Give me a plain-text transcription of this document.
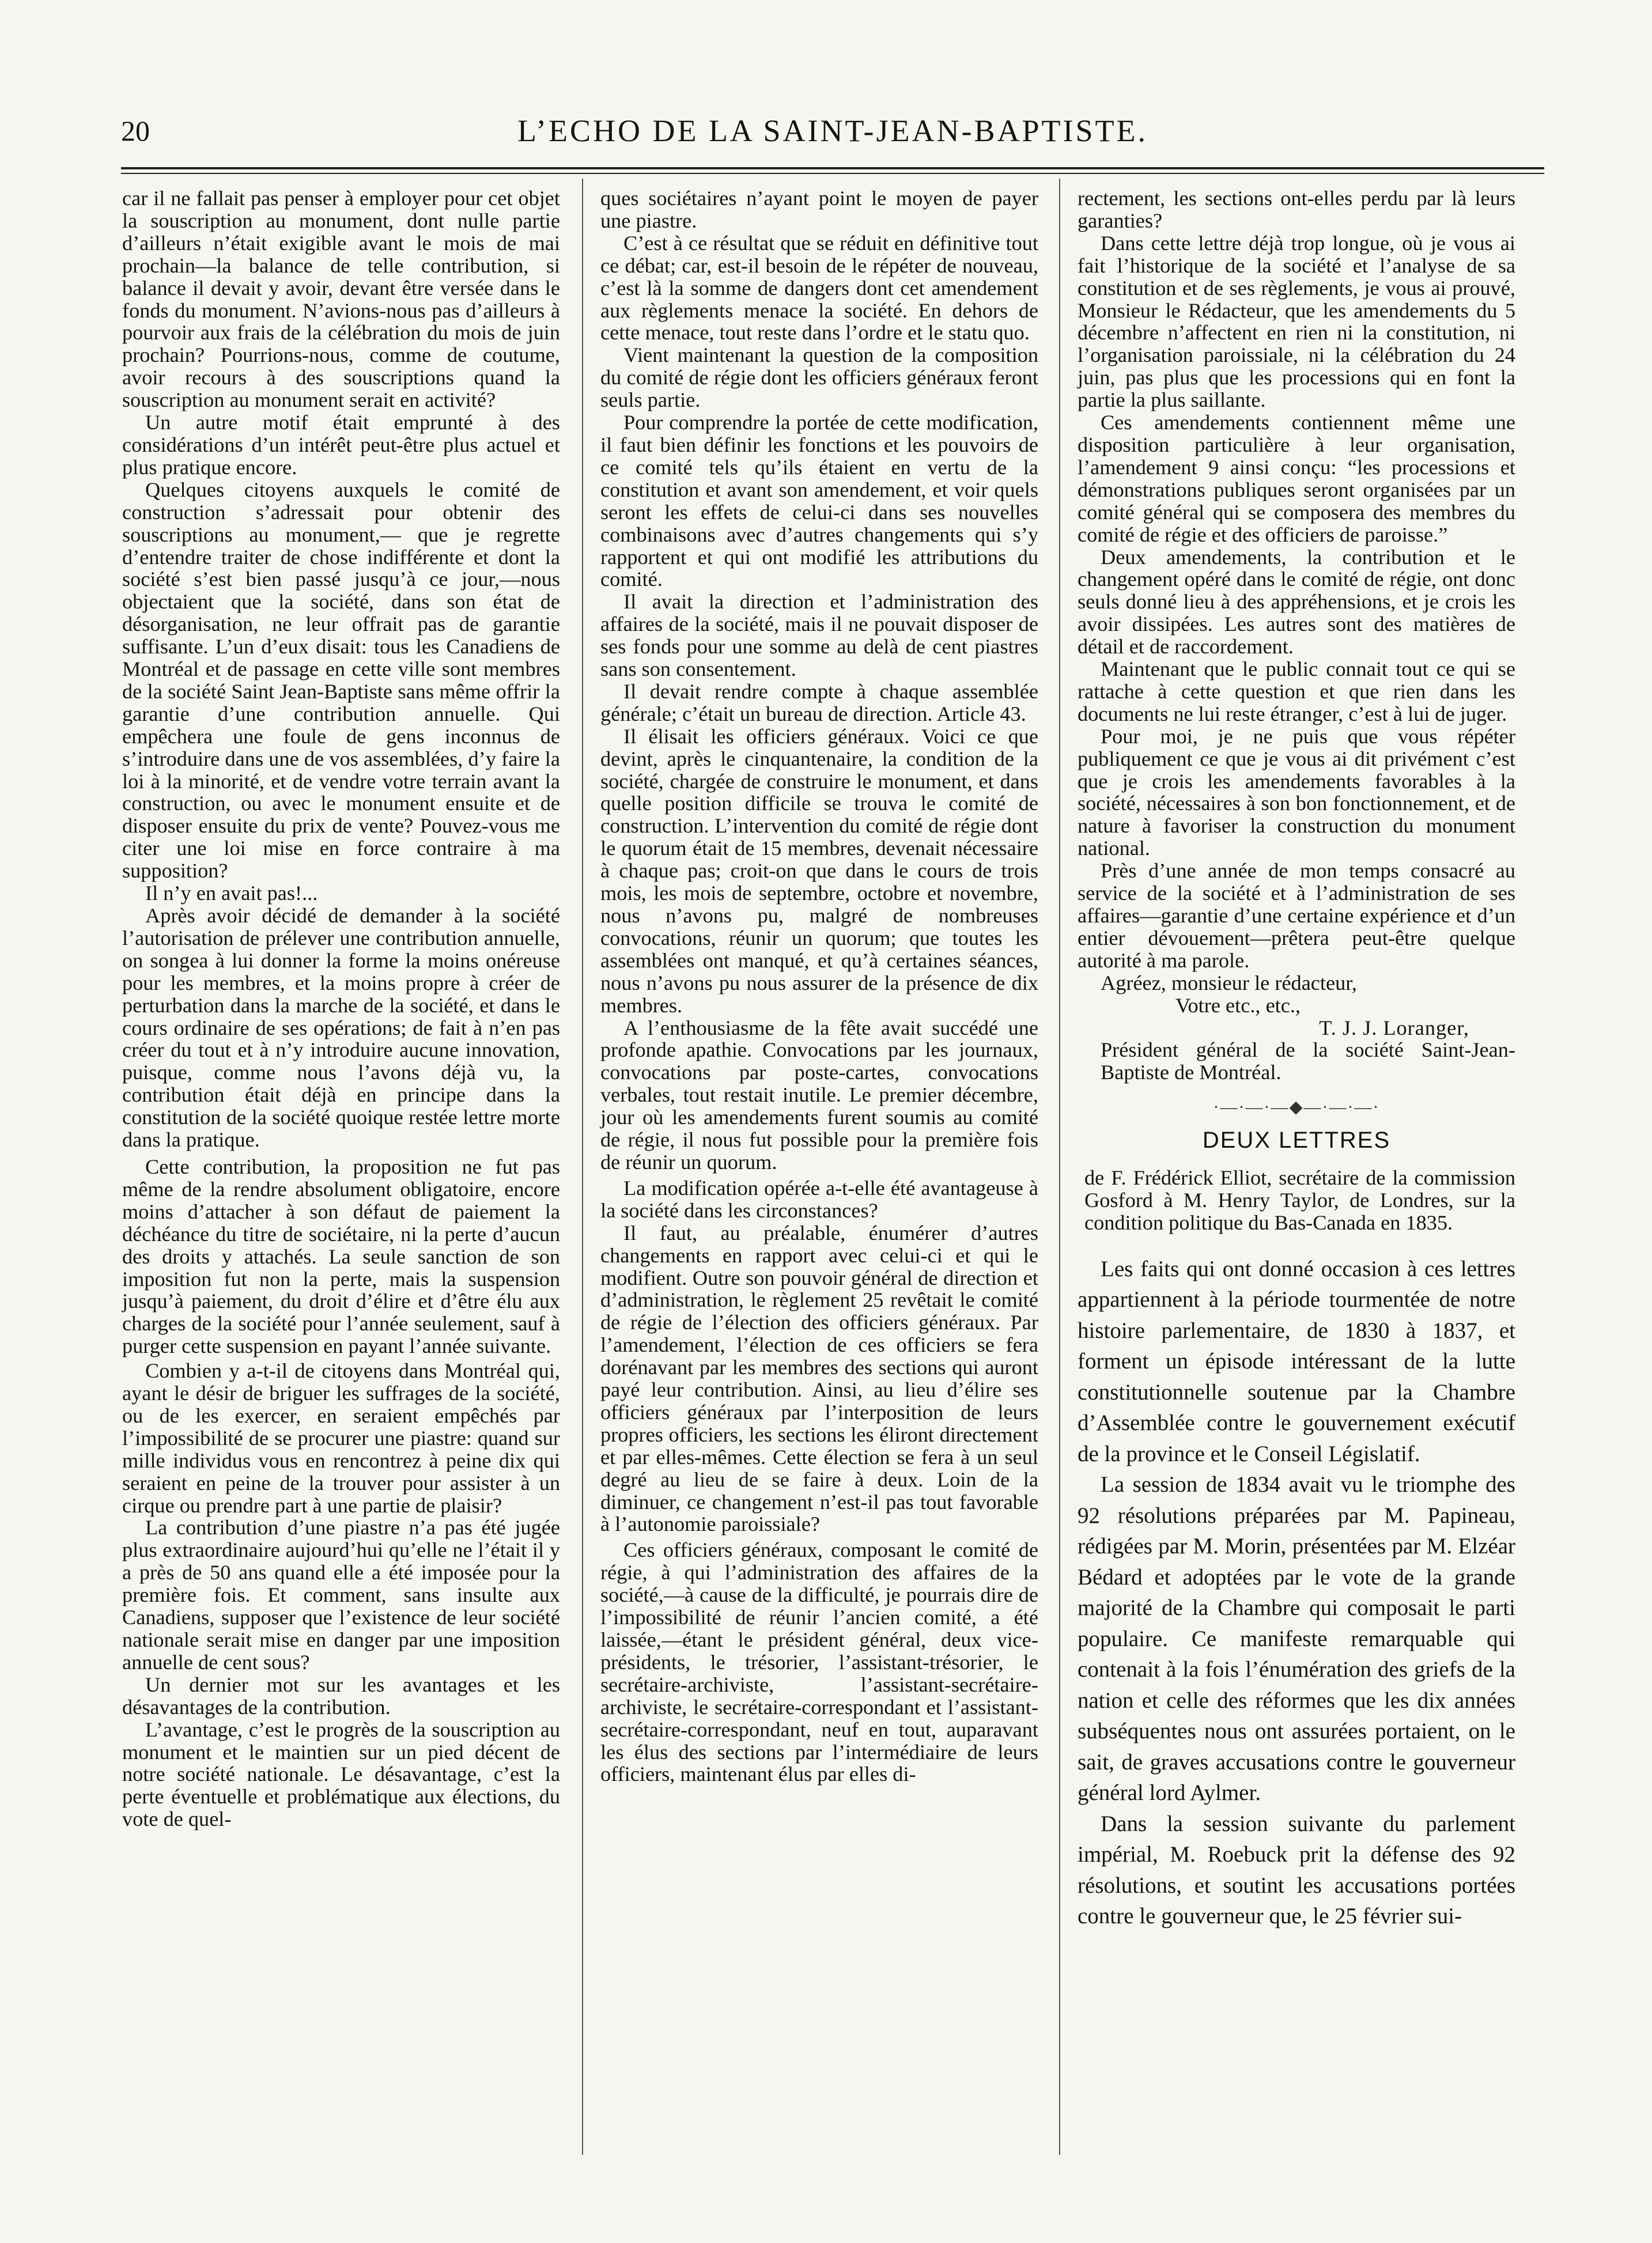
20	L’ECHO DE LA SAINT-JEAN-BAPTISTE.

car il ne fallait pas penser à employer pour cet objet la souscription au monument, dont nulle partie d’ailleurs n’était exigible avant le mois de mai prochain—la balance de telle contribution, si balance il devait y avoir, devant être versée dans le fonds du monument. N’avions-nous pas d’ailleurs à pourvoir aux frais de la célébration du mois de juin prochain? Pourrions-nous, comme de coutume, avoir recours à des souscriptions quand la souscription au monument serait en activité?

Un autre motif était emprunté à des considérations d’un intérêt peut-être plus actuel et plus pratique encore.

Quelques citoyens auxquels le comité de construction s’adressait pour obtenir des souscriptions au monument,— que je regrette d’entendre traiter de chose indifférente et dont la société s’est bien passé jusqu’à ce jour,—nous objectaient que la société, dans son état de désorganisation, ne leur offrait pas de garantie suffisante. L’un d’eux disait: tous les Canadiens de Montréal et de passage en cette ville sont membres de la société Saint Jean-Baptiste sans même offrir la garantie d’une contribution annuelle. Qui empêchera une foule de gens inconnus de s’introduire dans une de vos assemblées, d’y faire la loi à la minorité, et de vendre votre terrain avant la construction, ou avec le monument ensuite et de disposer ensuite du prix de vente? Pouvez-vous me citer une loi mise en force contraire à ma supposition?

Il n’y en avait pas!...

Après avoir décidé de demander à la société l’autorisation de prélever une contribution annuelle, on songea à lui donner la forme la moins onéreuse pour les membres, et la moins propre à créer de perturbation dans la marche de la société, et dans le cours ordinaire de ses opérations; de fait à n’en pas créer du tout et à n’y introduire aucune innovation, puisque, comme nous l’avons déjà vu, la contribution était déjà en principe dans la constitution de la société quoique restée lettre morte dans la pratique.

Cette contribution, la proposition ne fut pas même de la rendre absolument obligatoire, encore moins d’attacher à son défaut de paiement la déchéance du titre de sociétaire, ni la perte d’aucun des droits y attachés. La seule sanction de son imposition fut non la perte, mais la suspension jusqu’à paiement, du droit d’élire et d’être élu aux charges de la société pour l’année seulement, sauf à purger cette suspension en payant l’année suivante.

Combien y a-t-il de citoyens dans Montréal qui, ayant le désir de briguer les suffrages de la société, ou de les exercer, en seraient empêchés par l’impossibilité de se procurer une piastre: quand sur mille individus vous en rencontrez à peine dix qui seraient en peine de la trouver pour assister à un cirque ou prendre part à une partie de plaisir?

La contribution d’une piastre n’a pas été jugée plus extraordinaire aujourd’hui qu’elle ne l’était il y a près de 50 ans quand elle a été imposée pour la première fois. Et comment, sans insulte aux Canadiens, supposer que l’existence de leur société nationale serait mise en danger par une imposition annuelle de cent sous?

Un dernier mot sur les avantages et les désavantages de la contribution.

L’avantage, c’est le progrès de la souscription au monument et le maintien sur un pied décent de notre société nationale. Le désavantage, c’est la perte éventuelle et problématique aux élections, du vote de quel-

ques sociétaires n’ayant point le moyen de payer une piastre.

C’est à ce résultat que se réduit en définitive tout ce débat; car, est-il besoin de le répéter de nouveau, c’est là la somme de dangers dont cet amendement aux règlements menace la société. En dehors de cette menace, tout reste dans l’ordre et le statu quo.

Vient maintenant la question de la composition du comité de régie dont les officiers généraux feront seuls partie.

Pour comprendre la portée de cette modification, il faut bien définir les fonctions et les pouvoirs de ce comité tels qu’ils étaient en vertu de la constitution et avant son amendement, et voir quels seront les effets de celui-ci dans ses nouvelles combinaisons avec d’autres changements qui s’y rapportent et qui ont modifié les attributions du comité.

Il avait la direction et l’administration des affaires de la société, mais il ne pouvait disposer de ses fonds pour une somme au delà de cent piastres sans son consentement.

Il devait rendre compte à chaque assemblée générale; c’était un bureau de direction. Article 43.

Il élisait les officiers généraux. Voici ce que devint, après le cinquantenaire, la condition de la société, chargée de construire le monument, et dans quelle position difficile se trouva le comité de construction. L’intervention du comité de régie dont le quorum était de 15 membres, devenait nécessaire à chaque pas; croit-on que dans le cours de trois mois, les mois de septembre, octobre et novembre, nous n’avons pu, malgré de nombreuses convocations, réunir un quorum; que toutes les assemblées ont manqué, et qu’à certaines séances, nous n’avons pu nous assurer de la présence de dix membres.

A l’enthousiasme de la fête avait succédé une profonde apathie. Convocations par les journaux, convocations par poste-cartes, convocations verbales, tout restait inutile. Le premier décembre, jour où les amendements furent soumis au comité de régie, il nous fut possible pour la première fois de réunir un quorum.

La modification opérée a-t-elle été avantageuse à la société dans les circonstances?

Il faut, au préalable, énumérer d’autres changements en rapport avec celui-ci et qui le modifient. Outre son pouvoir général de direction et d’administration, le règlement 25 revêtait le comité de régie de l’élection des officiers généraux. Par l’amendement, l’élection de ces officiers se fera dorénavant par les membres des sections qui auront payé leur contribution. Ainsi, au lieu d’élire ses officiers généraux par l’interposition de leurs propres officiers, les sections les éliront directement et par elles-mêmes. Cette élection se fera à un seul degré au lieu de se faire à deux. Loin de la diminuer, ce changement n’est-il pas tout favorable à l’autonomie paroissiale?

Ces officiers généraux, composant le comité de régie, à qui l’administration des affaires de la société,—à cause de la difficulté, je pourrais dire de l’impossibilité de réunir l’ancien comité, a été laissée,—étant le président général, deux vice-présidents, le trésorier, l’assistant-trésorier, le secrétaire-archiviste, l’assistant-secrétaire-archiviste, le secrétaire-correspondant et l’assistant-secrétaire-correspondant, neuf en tout, auparavant les élus des sections par l’intermédiaire de leurs officiers, maintenant élus par elles di-

rectement, les sections ont-elles perdu par là leurs garanties?

Dans cette lettre déjà trop longue, où je vous ai fait l’historique de la société et l’analyse de sa constitution et de ses règlements, je vous ai prouvé, Monsieur le Rédacteur, que les amendements du 5 décembre n’affectent en rien ni la constitution, ni l’organisation paroissiale, ni la célébration du 24 juin, pas plus que les processions qui en font la partie la plus saillante.

Ces amendements contiennent même une disposition particulière à leur organisation, l’amendement 9 ainsi conçu: “les processions et démonstrations publiques seront organisées par un comité général qui se composera des membres du comité de régie et des officiers de paroisse.”

Deux amendements, la contribution et le changement opéré dans le comité de régie, ont donc seuls donné lieu à des appréhensions, et je crois les avoir dissipées. Les autres sont des matières de détail et de raccordement.

Maintenant que le public connait tout ce qui se rattache à cette question et que rien dans les documents ne lui reste étranger, c’est à lui de juger.

Pour moi, je ne puis que vous répéter publiquement ce que je vous ai dit privément c’est que je crois les amendements favorables à la société, nécessaires à son bon fonctionnement, et de nature à favoriser la construction du monument national.

Près d’une année de mon temps consacré au service de la société et à l’administration de ses affaires—garantie d’une certaine expérience et d’un entier dévouement—prêtera peut-être quelque autorité à ma parole.

Agréez, monsieur le rédacteur,

Votre etc., etc.,

T. J. J. Loranger,

Président général de la société Saint-Jean-Baptiste de Montréal.

·—·—·—◆—·—·—·
DEUX LETTRES

de F. Frédérick Elliot, secrétaire de la commission Gosford à M. Henry Taylor, de Londres, sur la condition politique du Bas-Canada en 1835.

Les faits qui ont donné occasion à ces lettres appartiennent à la période tourmentée de notre histoire parlementaire, de 1830 à 1837, et forment un épisode intéressant de la lutte constitutionnelle soutenue par la Chambre d’Assemblée contre le gouvernement exécutif de la province et le Conseil Législatif.

La session de 1834 avait vu le triomphe des 92 résolutions préparées par M. Papineau, rédigées par M. Morin, présentées par M. Elzéar Bédard et adoptées par le vote de la grande majorité de la Chambre qui composait le parti populaire. Ce manifeste remarquable qui contenait à la fois l’énumération des griefs de la nation et celle des réformes que les dix années subséquentes nous ont assurées portaient, on le sait, de graves accusations contre le gouverneur général lord Aylmer.

Dans la session suivante du parlement impérial, M. Roebuck prit la défense des 92 résolutions, et soutint les accusations portées contre le gouverneur que, le 25 février sui-
